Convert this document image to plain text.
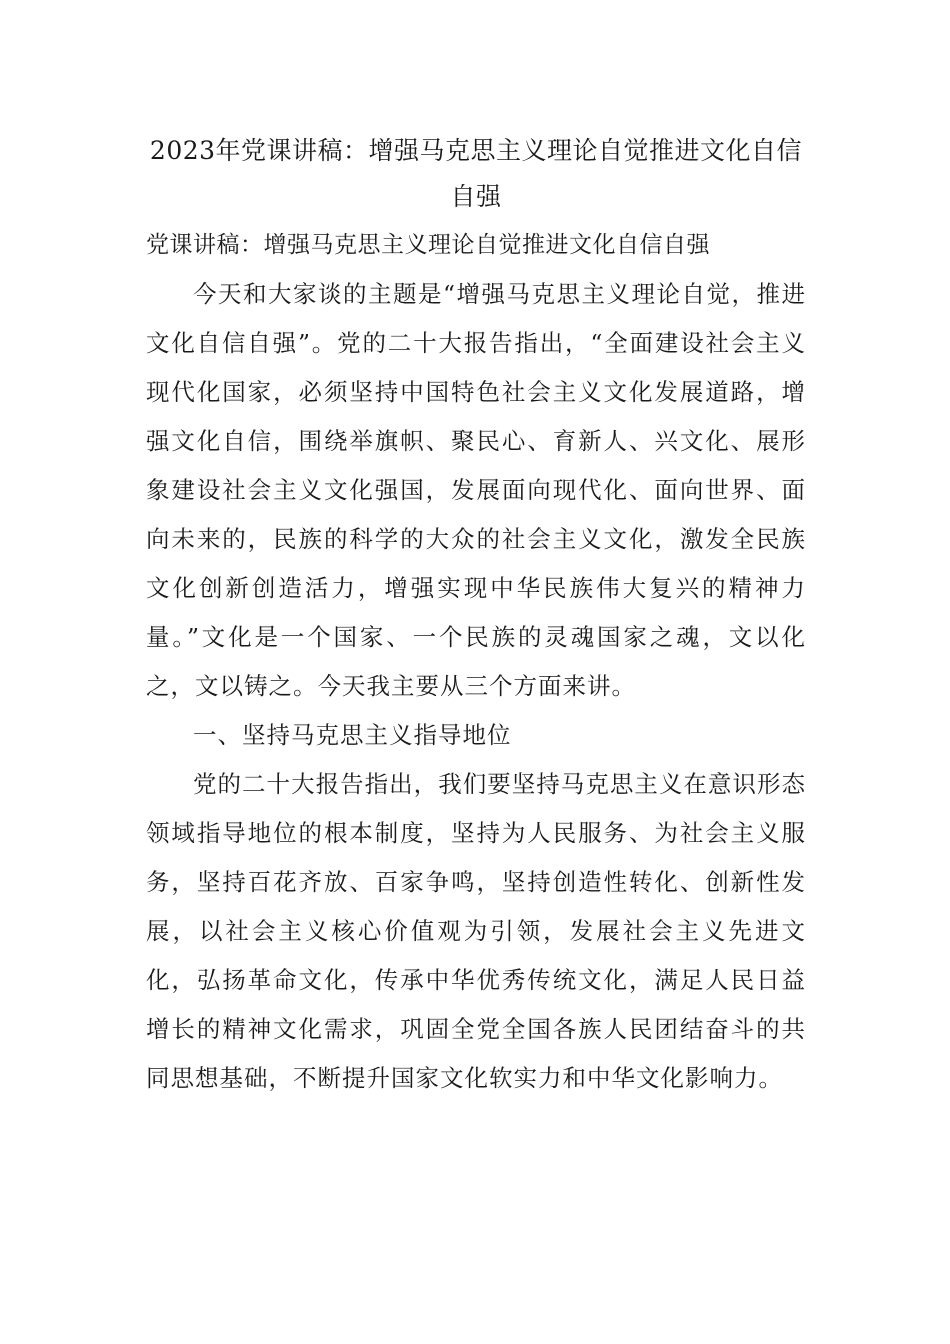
2023年党课讲稿：增强马克思主义理论自觉推进文化自信自强

党课讲稿：增强马克思主义理论自觉推进文化自信自强

今天和大家谈的主题是“增强马克思主义理论自觉，推进文化自信自强”。党的二十大报告指出，“全面建设社会主义现代化国家，必须坚持中国特色社会主义文化发展道路，增强文化自信，围绕举旗帜、聚民心、育新人、兴文化、展形象建设社会主义文化强国，发展面向现代化、面向世界、面向未来的，民族的科学的大众的社会主义文化，激发全民族文化创新创造活力，增强实现中华民族伟大复兴的精神力量。”文化是一个国家、一个民族的灵魂国家之魂，文以化之，文以铸之。今天我主要从三个方面来讲。

一、坚持马克思主义指导地位

党的二十大报告指出，我们要坚持马克思主义在意识形态领域指导地位的根本制度，坚持为人民服务、为社会主义服务，坚持百花齐放、百家争鸣，坚持创造性转化、创新性发展，以社会主义核心价值观为引领，发展社会主义先进文化，弘扬革命文化，传承中华优秀传统文化，满足人民日益增长的精神文化需求，巩固全党全国各族人民团结奋斗的共同思想基础，不断提升国家文化软实力和中华文化影响力。
